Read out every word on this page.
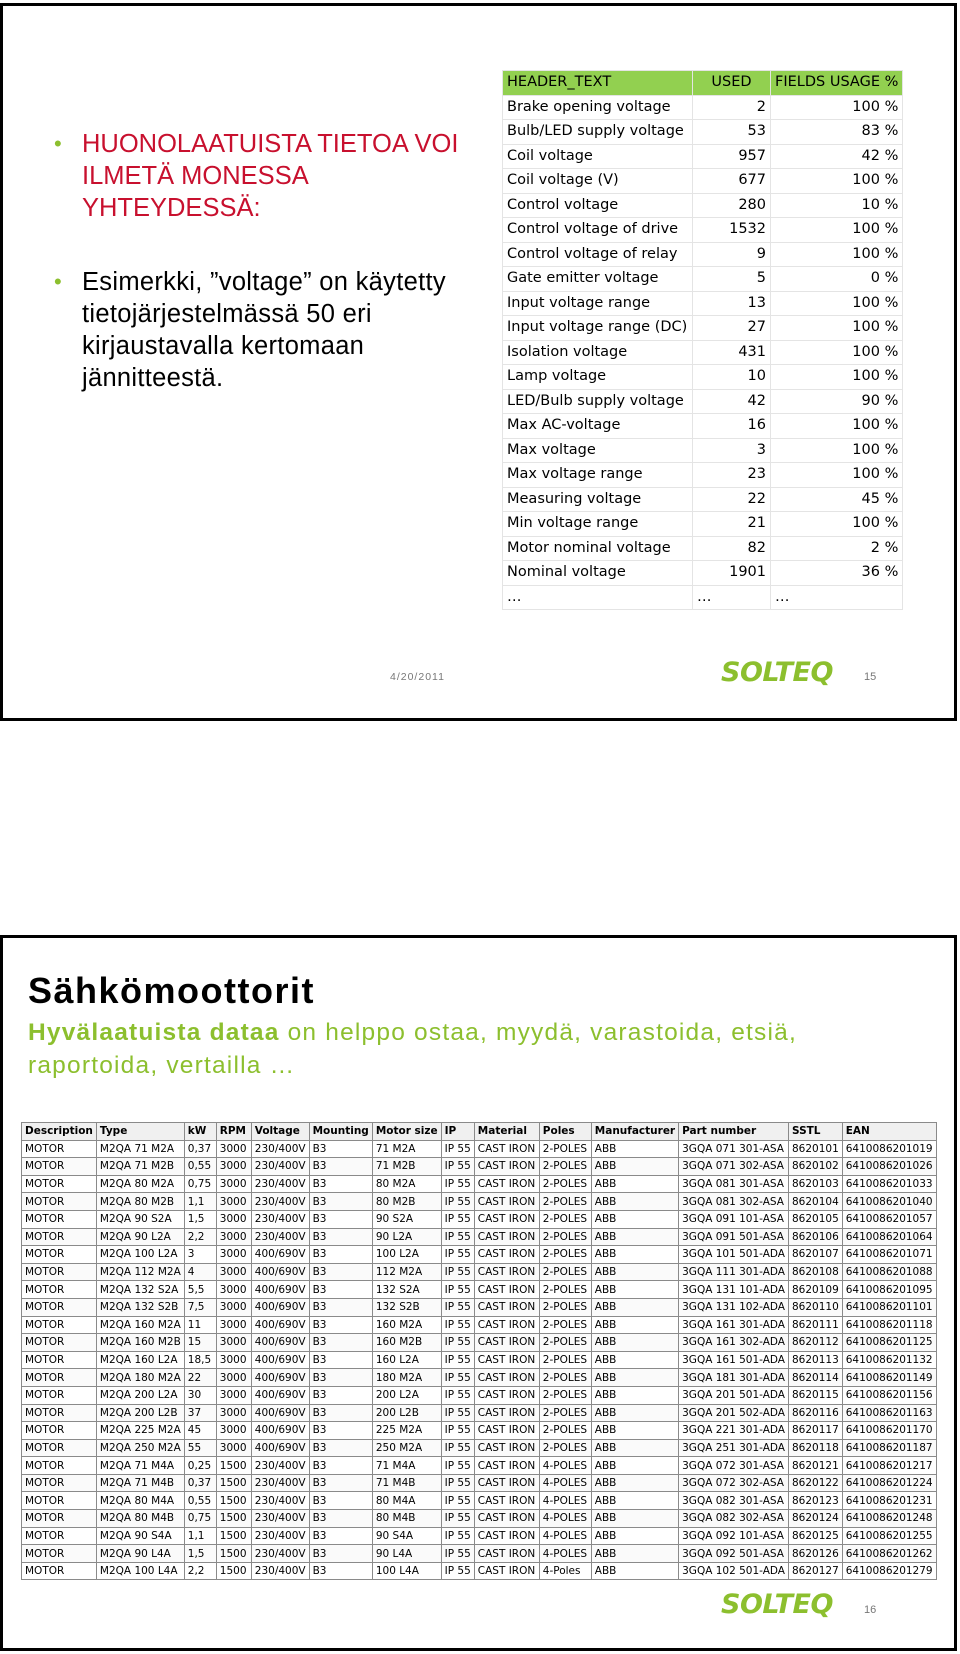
• HUONOLAATUISTA TIETOA VOI ILMETÄ MONESSA YHTEYDESSÄ:
• Esimerkki, ”voltage” on käytetty tietojärjestelmässä 50 eri kirjaustavalla kertomaan jännitteestä.
HEADER_TEXT	USED	FIELDS USAGE %
Brake opening voltage	2	100 %
Bulb/LED supply voltage	53	83 %
Coil voltage	957	42 %
Coil voltage (V)	677	100 %
Control voltage	280	10 %
Control voltage of drive	1532	100 %
Control voltage of relay	9	100 %
Gate emitter voltage	5	0 %
Input voltage range	13	100 %
Input voltage range (DC)	27	100 %
Isolation voltage	431	100 %
Lamp voltage	10	100 %
LED/Bulb supply voltage	42	90 %
Max AC-voltage	16	100 %
Max voltage	3	100 %
Max voltage range	23	100 %
Measuring voltage	22	45 %
Min voltage range	21	100 %
Motor nominal voltage	82	2 %
Nominal voltage	1901	36 %
…	…	…
4/20/2011	SOLTEQ	15
Sähkömoottorit
Hyvälaatuista dataa on helppo ostaa, myydä, varastoida, etsiä, raportoida, vertailla …
Description	Type	kW	RPM	Voltage	Mounting	Motor size	IP	Material	Poles	Manufacturer	Part number	SSTL	EAN
MOTOR	M2QA 71 M2A	0,37	3000	230/400V	B3	71 M2A	IP 55	CAST IRON	2-POLES	ABB	3GQA 071 301-ASA	8620101	6410086201019
MOTOR	M2QA 71 M2B	0,55	3000	230/400V	B3	71 M2B	IP 55	CAST IRON	2-POLES	ABB	3GQA 071 302-ASA	8620102	6410086201026
MOTOR	M2QA 80 M2A	0,75	3000	230/400V	B3	80 M2A	IP 55	CAST IRON	2-POLES	ABB	3GQA 081 301-ASA	8620103	6410086201033
MOTOR	M2QA 80 M2B	1,1	3000	230/400V	B3	80 M2B	IP 55	CAST IRON	2-POLES	ABB	3GQA 081 302-ASA	8620104	6410086201040
MOTOR	M2QA 90 S2A	1,5	3000	230/400V	B3	90 S2A	IP 55	CAST IRON	2-POLES	ABB	3GQA 091 101-ASA	8620105	6410086201057
MOTOR	M2QA 90 L2A	2,2	3000	230/400V	B3	90 L2A	IP 55	CAST IRON	2-POLES	ABB	3GQA 091 501-ASA	8620106	6410086201064
MOTOR	M2QA 100 L2A	3	3000	400/690V	B3	100 L2A	IP 55	CAST IRON	2-POLES	ABB	3GQA 101 501-ADA	8620107	6410086201071
MOTOR	M2QA 112 M2A	4	3000	400/690V	B3	112 M2A	IP 55	CAST IRON	2-POLES	ABB	3GQA 111 301-ADA	8620108	6410086201088
MOTOR	M2QA 132 S2A	5,5	3000	400/690V	B3	132 S2A	IP 55	CAST IRON	2-POLES	ABB	3GQA 131 101-ADA	8620109	6410086201095
MOTOR	M2QA 132 S2B	7,5	3000	400/690V	B3	132 S2B	IP 55	CAST IRON	2-POLES	ABB	3GQA 131 102-ADA	8620110	6410086201101
MOTOR	M2QA 160 M2A	11	3000	400/690V	B3	160 M2A	IP 55	CAST IRON	2-POLES	ABB	3GQA 161 301-ADA	8620111	6410086201118
MOTOR	M2QA 160 M2B	15	3000	400/690V	B3	160 M2B	IP 55	CAST IRON	2-POLES	ABB	3GQA 161 302-ADA	8620112	6410086201125
MOTOR	M2QA 160 L2A	18,5	3000	400/690V	B3	160 L2A	IP 55	CAST IRON	2-POLES	ABB	3GQA 161 501-ADA	8620113	6410086201132
MOTOR	M2QA 180 M2A	22	3000	400/690V	B3	180 M2A	IP 55	CAST IRON	2-POLES	ABB	3GQA 181 301-ADA	8620114	6410086201149
MOTOR	M2QA 200 L2A	30	3000	400/690V	B3	200 L2A	IP 55	CAST IRON	2-POLES	ABB	3GQA 201 501-ADA	8620115	6410086201156
MOTOR	M2QA 200 L2B	37	3000	400/690V	B3	200 L2B	IP 55	CAST IRON	2-POLES	ABB	3GQA 201 502-ADA	8620116	6410086201163
MOTOR	M2QA 225 M2A	45	3000	400/690V	B3	225 M2A	IP 55	CAST IRON	2-POLES	ABB	3GQA 221 301-ADA	8620117	6410086201170
MOTOR	M2QA 250 M2A	55	3000	400/690V	B3	250 M2A	IP 55	CAST IRON	2-POLES	ABB	3GQA 251 301-ADA	8620118	6410086201187
MOTOR	M2QA 71 M4A	0,25	1500	230/400V	B3	71 M4A	IP 55	CAST IRON	4-POLES	ABB	3GQA 072 301-ASA	8620121	6410086201217
MOTOR	M2QA 71 M4B	0,37	1500	230/400V	B3	71 M4B	IP 55	CAST IRON	4-POLES	ABB	3GQA 072 302-ASA	8620122	6410086201224
MOTOR	M2QA 80 M4A	0,55	1500	230/400V	B3	80 M4A	IP 55	CAST IRON	4-POLES	ABB	3GQA 082 301-ASA	8620123	6410086201231
MOTOR	M2QA 80 M4B	0,75	1500	230/400V	B3	80 M4B	IP 55	CAST IRON	4-POLES	ABB	3GQA 082 302-ASA	8620124	6410086201248
MOTOR	M2QA 90 S4A	1,1	1500	230/400V	B3	90 S4A	IP 55	CAST IRON	4-POLES	ABB	3GQA 092 101-ASA	8620125	6410086201255
MOTOR	M2QA 90 L4A	1,5	1500	230/400V	B3	90 L4A	IP 55	CAST IRON	4-POLES	ABB	3GQA 092 501-ASA	8620126	6410086201262
MOTOR	M2QA 100 L4A	2,2	1500	230/400V	B3	100 L4A	IP 55	CAST IRON	4-Poles	ABB	3GQA 102 501-ADA	8620127	6410086201279
SOLTEQ	16
